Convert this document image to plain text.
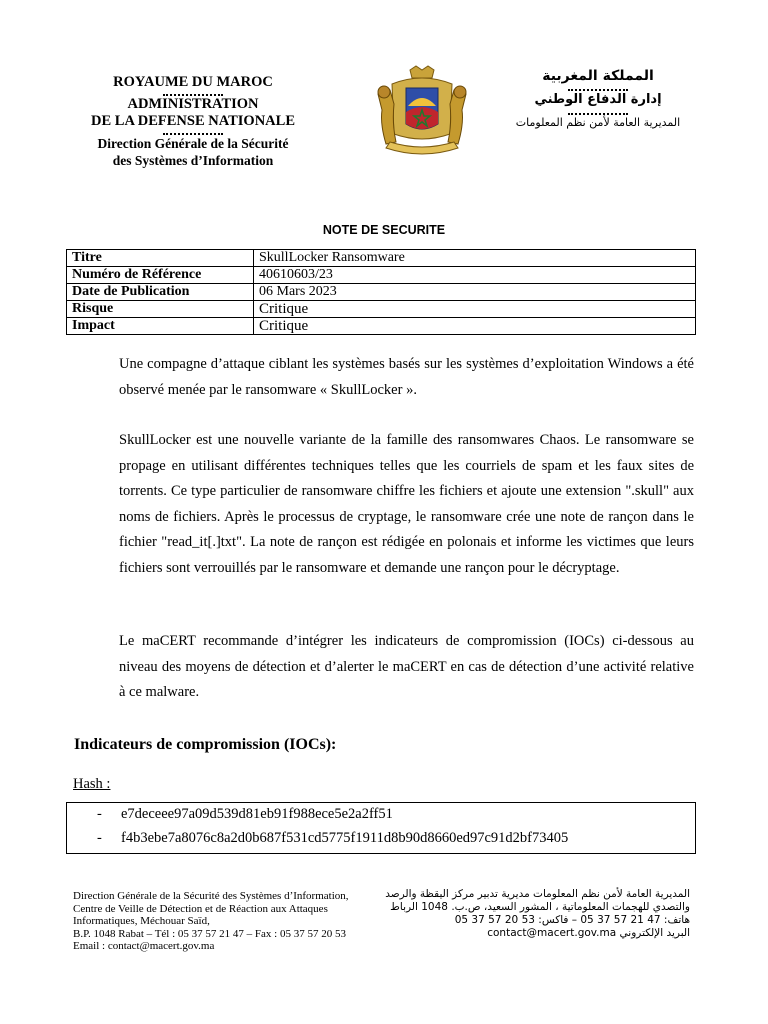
ROYAUME DU MAROC
ADMINISTRATION
DE LA DEFENSE NATIONALE
Direction Générale de la Sécurité
des Systèmes d’Information
المملكة المغربية
إدارة الدفاع الوطني
المديرية العامة لأمن نظم المعلومات
NOTE DE SECURITE
Titre	SkullLocker Ransomware
Numéro de Référence	40610603/23
Date de Publication	06 Mars 2023
Risque	Critique
Impact	Critique
Une compagne d’attaque ciblant les systèmes basés sur les systèmes d’exploitation Windows a été observé menée par le ransomware « SkullLocker ».
SkullLocker est une nouvelle variante de la famille des ransomwares Chaos. Le ransomware se propage en utilisant différentes techniques telles que les courriels de spam et les faux sites de torrents. Ce type particulier de ransomware chiffre les fichiers et ajoute une extension ".skull" aux noms de fichiers. Après le processus de cryptage, le ransomware crée une note de rançon dans le fichier "read_it[.]txt". La note de rançon est rédigée en polonais et informe les victimes que leurs fichiers sont verrouillés par le ransomware et demande une rançon pour le décryptage.
Le maCERT recommande d’intégrer les indicateurs de compromission (IOCs) ci-dessous au niveau des moyens de détection et d’alerter le maCERT en cas de détection d’une activité relative à ce malware.
Indicateurs de compromission (IOCs):
Hash :
- e7deceee97a09d539d81eb91f988ece5e2a2ff51
- f4b3ebe7a8076c8a2d0b687f531cd5775f1911d8b90d8660ed97c91d2bf73405
Direction Générale de la Sécurité des Systèmes d’Information,
Centre de Veille de Détection et de Réaction aux Attaques
Informatiques, Méchouar Saïd,
B.P. 1048 Rabat – Tél : 05 37 57 21 47 – Fax : 05 37 57 20 53
Email : contact@macert.gov.ma
المديرية العامة لأمن نظم المعلومات مديرية تدبير مركز اليقظة والرصد
والتصدي للهجمات المعلوماتية ، المشور السعيد، ص.ب. 1048 الرباط
هاتف: 47 21 57 37 05 – فاكس: 53 20 57 37 05
البريد الإلكتروني contact@macert.gov.ma
